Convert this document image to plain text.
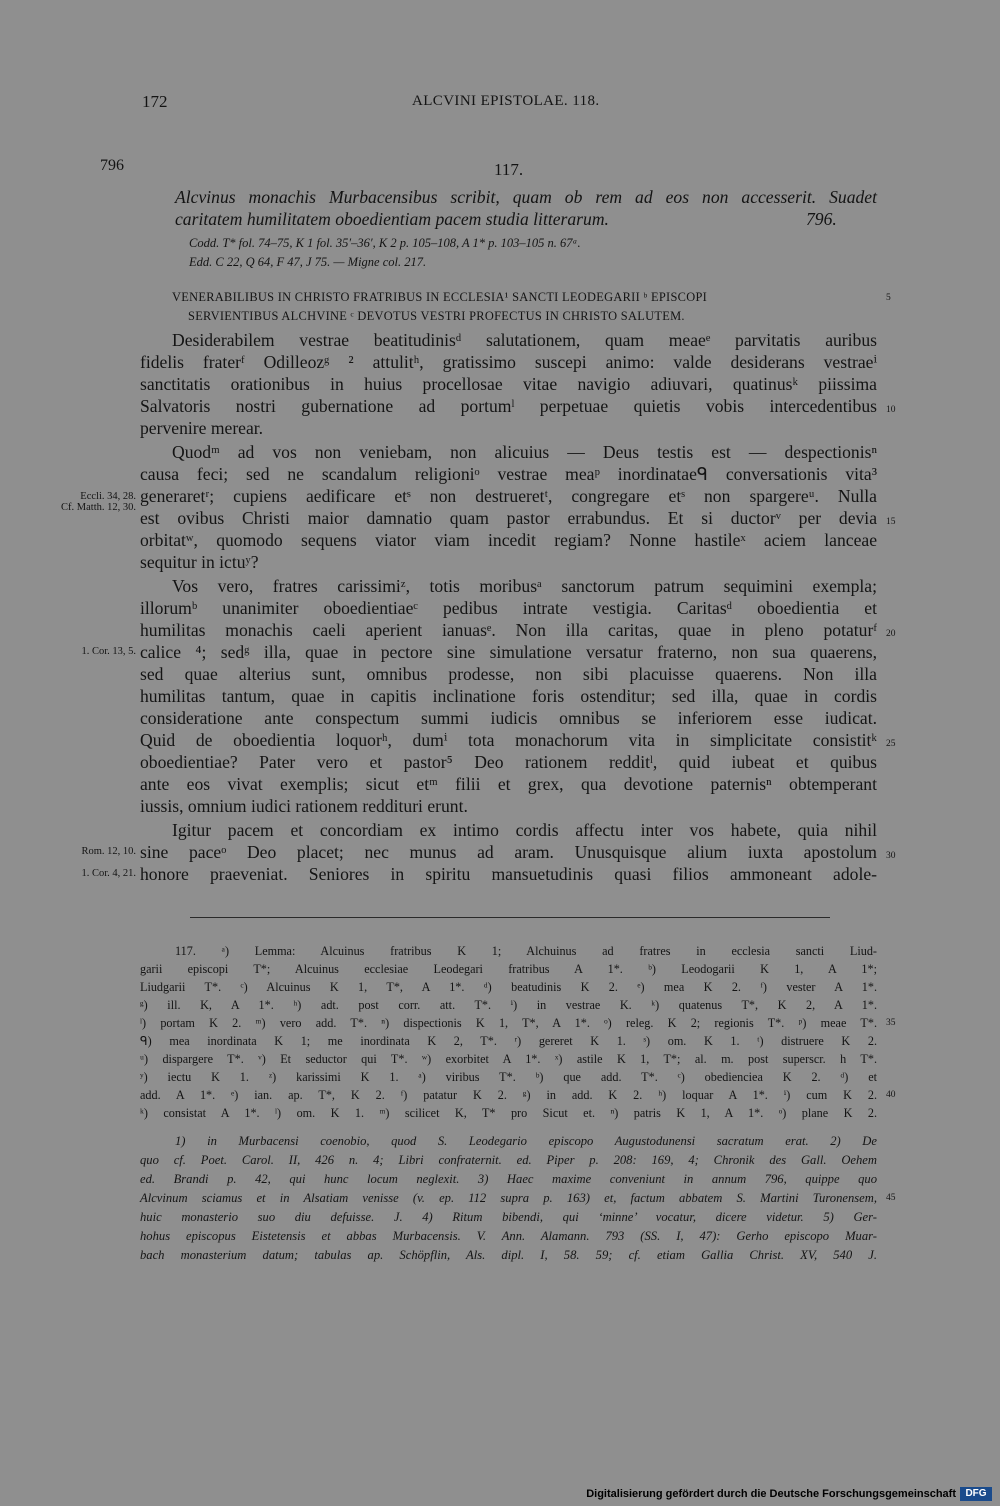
172	ALCVINI EPISTOLAE. 118.
796	117.
Alcvinus monachis Murbacensibus scribit, quam ob rem ad eos non accesserit. Suadet
caritatem humilitatem oboedientiam pacem studia litterarum.	796.
Codd. T* fol. 74–75, K 1 fol. 35′–36′, K 2 p. 105–108, A 1* p. 103–105 n. 67ᵃ.
Edd. C 22, Q 64, F 47, J 75. — Migne col. 217.
VENERABILIBUS IN CHRISTO FRATRIBUS IN ECCLESIA¹ SANCTI LEODEGARII ᵇ EPISCOPI
SERVIENTIBUS ALCHVINE ᶜ DEVOTUS VESTRI PROFECTUS IN CHRISTO SALUTEM.
Desiderabilem vestrae beatitudinisᵈ salutationem, quam meaeᵉ parvitatis auribus
fidelis fraterᶠ Odilleozᵍ ² attulitʰ, gratissimo suscepi animo: valde desiderans vestraeⁱ
sanctitatis orationibus in huius procellosae vitae navigio adiuvari, quatinusᵏ piissima
Salvatoris nostri gubernatione ad portumˡ perpetuae quietis vobis intercedentibus
pervenire merear.
Quodᵐ ad vos non veniebam, non alicuius — Deus testis est — despectionisⁿ
causa feci; sed ne scandalum religioniᵒ vestrae meaᵖ inordinataeᑫ conversationis vita³
generaretʳ; cupiens aedificare etˢ non destrueretᵗ, congregare etˢ non spargereᵘ. Nulla
est ovibus Christi maior damnatio quam pastor errabundus. Et si ductorᵛ per devia
orbitatʷ, quomodo sequens viator viam incedit regiam? Nonne hastileˣ aciem lanceae
sequitur in ictuʸ?
Vos vero, fratres carissimiᶻ, totis moribusᵃ sanctorum patrum sequimini exempla;
illorumᵇ unanimiter oboedientiaeᶜ pedibus intrate vestigia. Caritasᵈ oboedientia et
humilitas monachis caeli aperient ianuasᵉ. Non illa caritas, quae in pleno potaturᶠ
calice ⁴; sedᵍ illa, quae in pectore sine simulatione versatur fraterno, non sua quaerens,
sed quae alterius sunt, omnibus prodesse, non sibi placuisse quaerens. Non illa
humilitas tantum, quae in capitis inclinatione foris ostenditur; sed illa, quae in cordis
consideratione ante conspectum summi iudicis omnibus se inferiorem esse iudicat.
Quid de oboedientia loquorʰ, dumⁱ tota monachorum vita in simplicitate consistitᵏ
oboedientiae? Pater vero et pastor⁵ Deo rationem redditˡ, quid iubeat et quibus
ante eos vivat exemplis; sicut etᵐ filii et grex, qua devotione paternisⁿ obtemperant
iussis, omnium iudici rationem reddituri erunt.
Igitur pacem et concordiam ex intimo cordis affectu inter vos habete, quia nihil
sine paceᵒ Deo placet; nec munus ad aram. Unusquisque alium iuxta apostolum
honore praeveniat. Seniores in spiritu mansuetudinis quasi filios ammoneant adole-
Eccli. 34, 28.
Cf. Matth. 12, 30.
1. Cor. 13, 5.
Rom. 12, 10.
1. Cor. 4, 21.
5
10
15
20
25
30
117. ᵃ) Lemma: Alcuinus fratribus K 1; Alchuinus ad fratres in ecclesia sancti Liud-
garii episcopi T*; Alcuinus ecclesiae Leodegari fratribus A 1*. ᵇ) Leodogarii K 1, A 1*;
Liudgarii T*. ᶜ) Alcuinus K 1, T*, A 1*. ᵈ) beatudinis K 2. ᵉ) mea K 2. ᶠ) vester A 1*.
ᵍ) ill. K, A 1*. ʰ) adt. post corr. att. T*. ⁱ) in vestrae K. ᵏ) quatenus T*, K 2, A 1*.
ˡ) portam K 2. ᵐ) vero add. T*. ⁿ) dispectionis K 1, T*, A 1*. ᵒ) releg. K 2; regionis T*. ᵖ) meae T*.
ᑫ) mea inordinata K 1; me inordinata K 2, T*. ʳ) gereret K 1. ˢ) om. K 1. ᵗ) distruere K 2.
ᵘ) dispargere T*. ᵛ) Et seductor qui T*. ʷ) exorbitet A 1*. ˣ) astile K 1, T*; al. m. post superscr. h T*.
ʸ) iectu K 1. ᶻ) karissimi K 1. ᵃ) viribus T*. ᵇ) que add. T*. ᶜ) obedienciea K 2. ᵈ) et
add. A 1*. ᵉ) ian. ap. T*, K 2. ᶠ) patatur K 2. ᵍ) in add. K 2. ʰ) loquar A 1*. ⁱ) cum K 2.
ᵏ) consistat A 1*. ˡ) om. K 1. ᵐ) scilicet K, T* pro Sicut et. ⁿ) patris K 1, A 1*. ᵒ) plane K 2.
1) in Murbacensi coenobio, quod S. Leodegario episcopo Augustodunensi sacratum erat. 2) De
quo cf. Poet. Carol. II, 426 n. 4; Libri confraternit. ed. Piper p. 208: 169, 4; Chronik des Gall. Oehem
ed. Brandi p. 42, qui hunc locum neglexit. 3) Haec maxime conveniunt in annum 796, quippe quo
Alcvinum sciamus et in Alsatiam venisse (v. ep. 112 supra p. 163) et, factum abbatem S. Martini Turonensem,
huic monasterio suo diu defuisse. J. 4) Ritum bibendi, qui ‘minne’ vocatur, dicere videtur. 5) Ger-
hohus episcopus Eistetensis et abbas Murbacensis. V. Ann. Alamann. 793 (SS. I, 47): Gerho episcopo Muar-
bach monasterium datum; tabulas ap. Schöpflin, Als. dipl. I, 58. 59; cf. etiam Gallia Christ. XV, 540 J.
35
40
45
Digitalisierung gefördert durch die Deutsche Forschungsgemeinschaft DFG
